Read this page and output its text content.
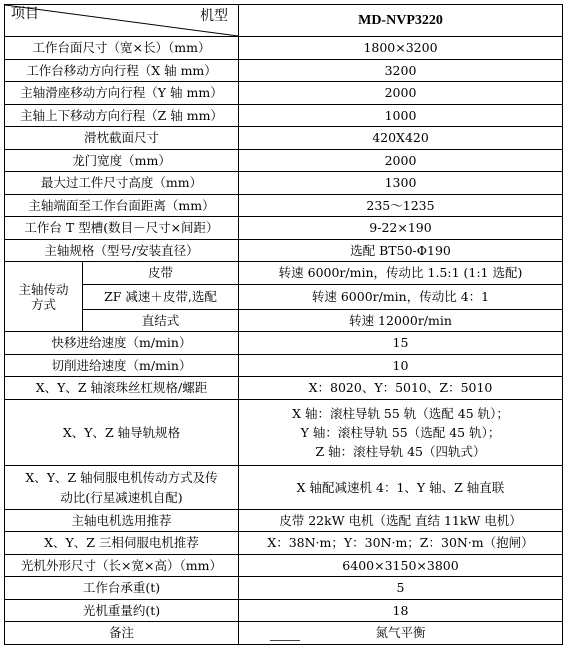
项目 机型		MD-NVP3220
工作台面尺寸（宽×长）（mm）		1800×3200
工作台移动方向行程（X 轴 mm）		3200
主轴滑座移动方向行程（Y 轴 mm）		2000
主轴上下移动方向行程（Z 轴 mm）		1000
滑枕截面尺寸		420X420
龙门宽度（mm）		2000
最大过工件尺寸高度（mm）		1300
主轴端面至工作台面距离（mm）		235～1235
工作台 T 型槽(数目－尺寸×间距）		9-22×190
主轴规格（型号/安装直径）		选配 BT50-Φ190

主轴传动
方式	皮带	转速 6000r/min，传动比 1.5:1 (1:1 选配)
	ZF 减速＋皮带,选配	转速 6000r/min，传动比 4：1
	直结式	转速 12000r/min
快移进给速度（m/min）		15
切削进给速度（m/min）		10
X、Y、Z 轴滚珠丝杠规格/螺距		X：8020、Y：5010、Z：5010
X、Y、Z 轴导轨规格		X 轴：滚柱导轨 55 轨（选配 45 轨）；
Y 轴：滚柱导轨 55（选配 45 轨）；
Z 轴：滚柱导轨 45（四轨式）

X、Y、Z 轴伺服电机传动方式及传
动比(行星减速机自配)		X 轴配减速机 4：1、Y 轴、Z 轴直联
主轴电机选用推荐		皮带 22kW 电机（选配 直结 11kW 电机）
X、Y、Z 三相伺服电机推荐		X：38N·m；Y：30N·m；Z：30N·m（抱闸）
光机外形尺寸（长×宽×高）（mm）		6400×3150×3800
工作台承重(t)		5
光机重量约(t)		18
备注		氮气平衡
